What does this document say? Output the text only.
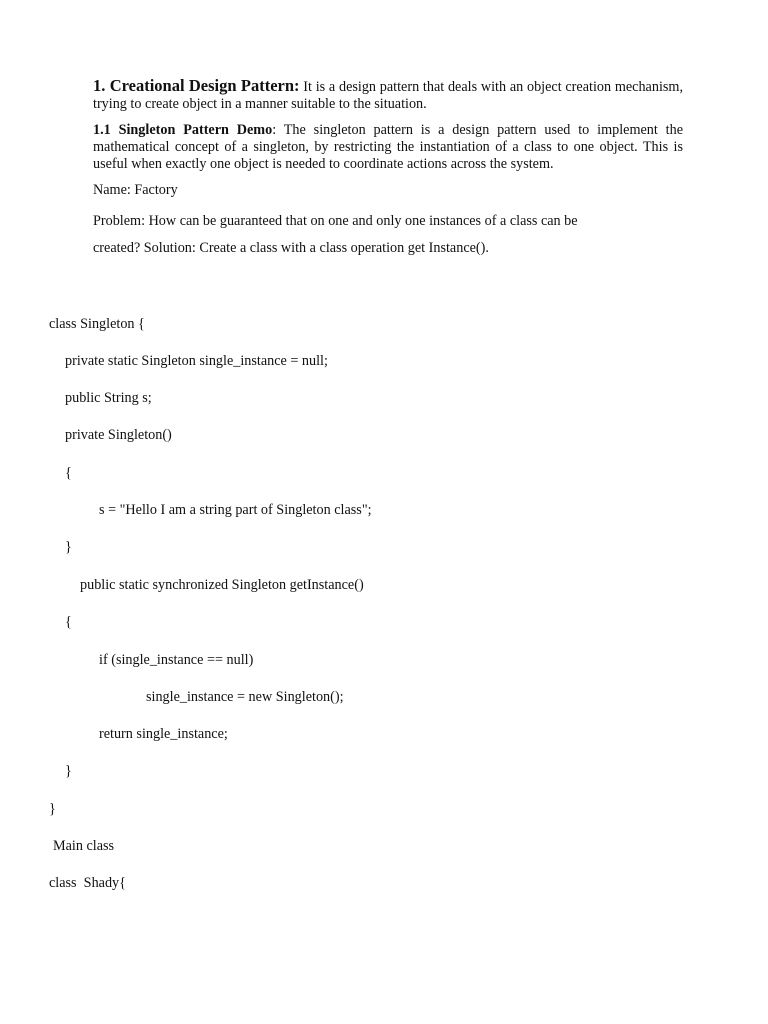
1. Creational Design Pattern: It is a design pattern that deals with an object creation mechanism, trying to create object in a manner suitable to the situation.

1.1 Singleton Pattern Demo: The singleton pattern is a design pattern used to implement the mathematical concept of a singleton, by restricting the instantiation of a class to one object. This is useful when exactly one object is needed to coordinate actions across the system.

Name: Factory

Problem: How can be guaranteed that on one and only one instances of a class can be

created? Solution: Create a class with a class operation get Instance().

class Singleton {
private static Singleton single_instance = null;
public String s;
private Singleton()
{
s = "Hello I am a string part of Singleton class";
}
public static synchronized Singleton getInstance()
{
if (single_instance == null)
single_instance = new Singleton();
return single_instance;
}
}
Main class
class  Shady{
